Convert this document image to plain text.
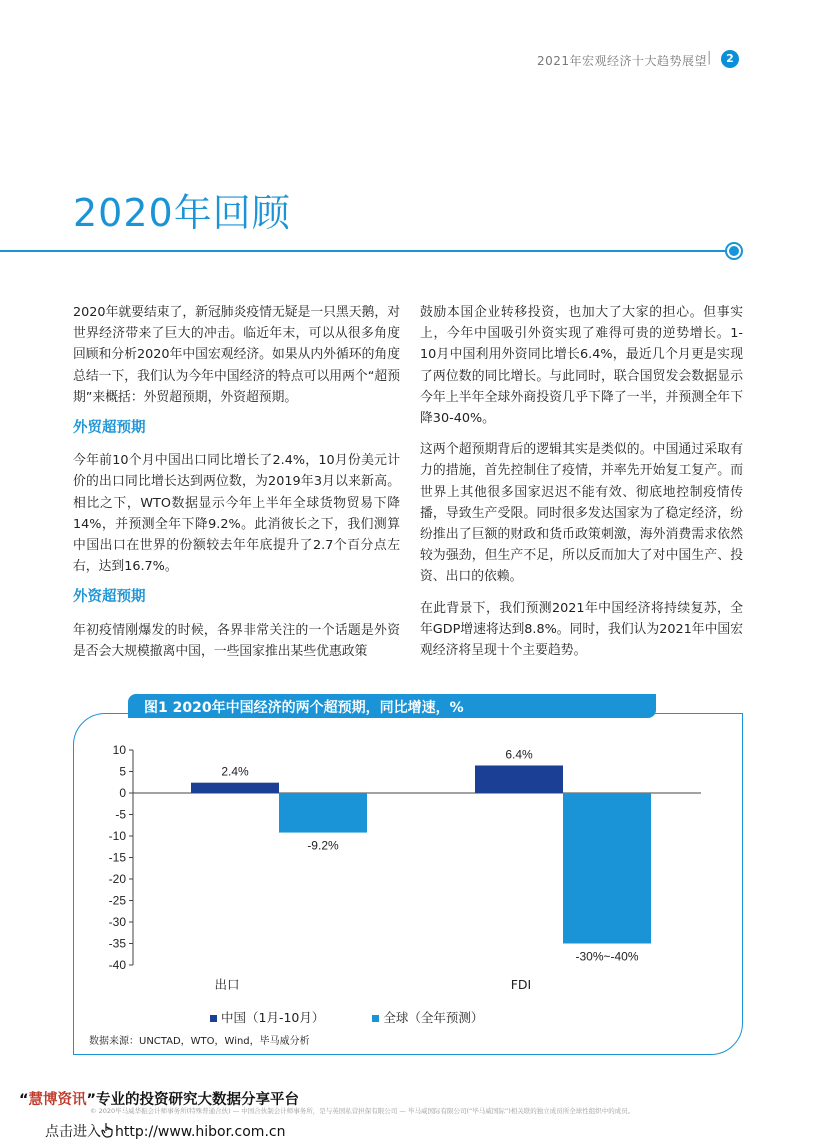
2021年宏观经济十大趋势展望 |	2
2020年回顾

2020年就要结束了，新冠肺炎疫情无疑是一只黑天鹅，对世界经济带来了巨大的冲击。临近年末，可以从很多角度回顾和分析2020年中国宏观经济。如果从内外循环的角度总结一下，我们认为今年中国经济的特点可以用两个“超预期”来概括：外贸超预期，外资超预期。

外贸超预期

今年前10个月中国出口同比增长了2.4%，10月份美元计价的出口同比增长达到两位数，为2019年3月以来新高。相比之下，WTO数据显示今年上半年全球货物贸易下降14%，并预测全年下降9.2%。此消彼长之下，我们测算中国出口在世界的份额较去年年底提升了2.7个百分点左右，达到16.7%。

外资超预期

年初疫情刚爆发的时候，各界非常关注的一个话题是外资是否会大规模撤离中国，一些国家推出某些优惠政策

鼓励本国企业转移投资，也加大了大家的担心。但事实上，今年中国吸引外资实现了难得可贵的逆势增长。1-10月中国利用外资同比增长6.4%，最近几个月更是实现了两位数的同比增长。与此同时，联合国贸发会数据显示今年上半年全球外商投资几乎下降了一半，并预测全年下降30-40%。

这两个超预期背后的逻辑其实是类似的。中国通过采取有力的措施，首先控制住了疫情，并率先开始复工复产。而世界上其他很多国家迟迟不能有效、彻底地控制疫情传播，导致生产受限。同时很多发达国家为了稳定经济，纷纷推出了巨额的财政和货币政策刺激，海外消费需求依然较为强劲，但生产不足，所以反而加大了对中国生产、投资、出口的依赖。

在此背景下，我们预测2021年中国经济将持续复苏，全年GDP增速将达到8.8%。同时，我们认为2021年中国宏观经济将呈现十个主要趋势。

图1 2020年中国经济的两个超预期，同比增速，%
10
5
0
-5
-10
-15
-20
-25
-30
-35
-40
2.4%
-9.2%
出口
6.4%
-30%~-40%
FDI
中国（1月-10月）	全球（全年预测）
数据来源：UNCTAD，WTO，Wind，毕马威分析
“慧博资讯”专业的投资研究大数据分享平台
© 2020毕马威华振会计师事务所(特殊普通合伙) — 中国合伙制会计师事务所，是与英国私营担保有限公司 — 毕马威国际有限公司(“毕马威国际”)相关联的独立成员所全球性组织中的成员。
点击进入 http://www.hibor.com.cn
